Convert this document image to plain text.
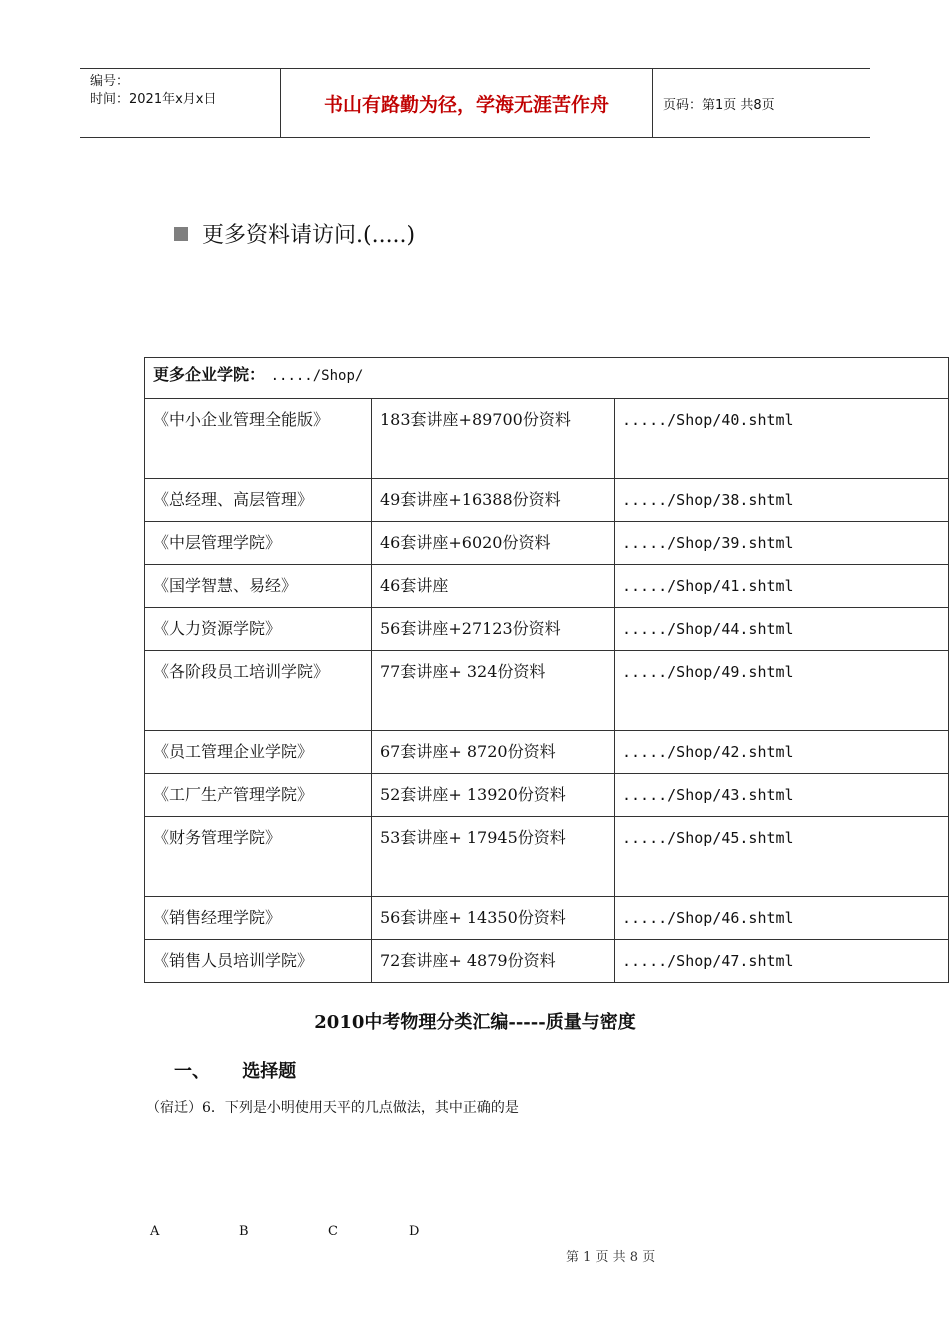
编号：
时间：2021年x月x日	书山有路勤为径，学海无涯苦作舟	页码：第1页 共8页
更多资料请访问.(.....)
更多企业学院： ...../Shop/		
《中小企业管理全能版》	183套讲座+89700份资料	...../Shop/40.shtml
《总经理、高层管理》	49套讲座+16388份资料	...../Shop/38.shtml
《中层管理学院》	46套讲座+6020份资料	...../Shop/39.shtml
《国学智慧、易经》	46套讲座	...../Shop/41.shtml
《人力资源学院》	56套讲座+27123份资料	...../Shop/44.shtml
《各阶段员工培训学院》	77套讲座+ 324份资料	...../Shop/49.shtml
《员工管理企业学院》	67套讲座+ 8720份资料	...../Shop/42.shtml
《工厂生产管理学院》	52套讲座+ 13920份资料	...../Shop/43.shtml
《财务管理学院》	53套讲座+ 17945份资料	...../Shop/45.shtml
《销售经理学院》	56套讲座+ 14350份资料	...../Shop/46.shtml
《销售人员培训学院》	72套讲座+ 4879份资料	...../Shop/47.shtml
2010中考物理分类汇编-----质量与密度
一、 选择题
（宿迁）6．下列是小明使用天平的几点做法，其中正确的是
A	B	C	D
第 1 页 共 8 页
